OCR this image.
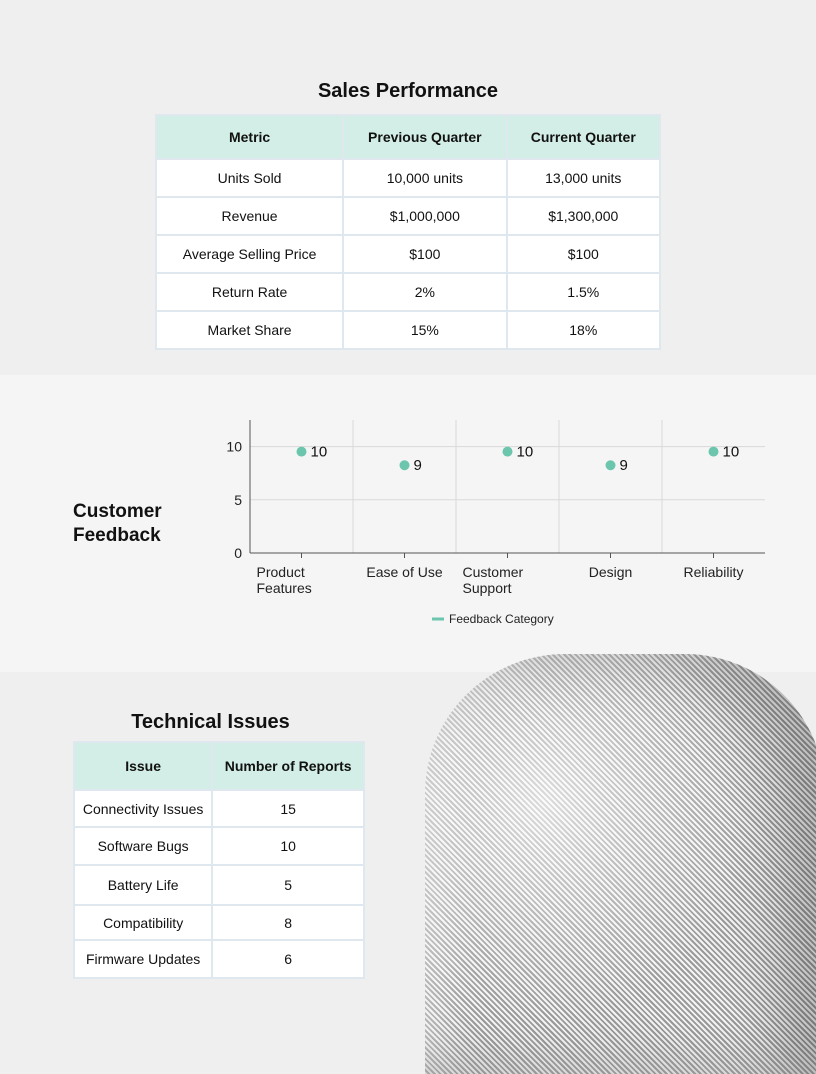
Sales Performance
Metric	Previous Quarter	Current Quarter
Units Sold	10,000 units	13,000 units
Revenue	$1,000,000	$1,300,000
Average Selling Price	$100	$100
Return Rate	2%	1.5%
Market Share	15%	18%
Customer
Feedback
0
5
10
Product
Features
10
Ease of Use
9
Customer
Support
10
Design
9
Reliability
10
Feedback Category
Technical Issues
Issue	Number of Reports
Connectivity Issues	15
Software Bugs	10
Battery Life	5
Compatibility	8
Firmware Updates	6
